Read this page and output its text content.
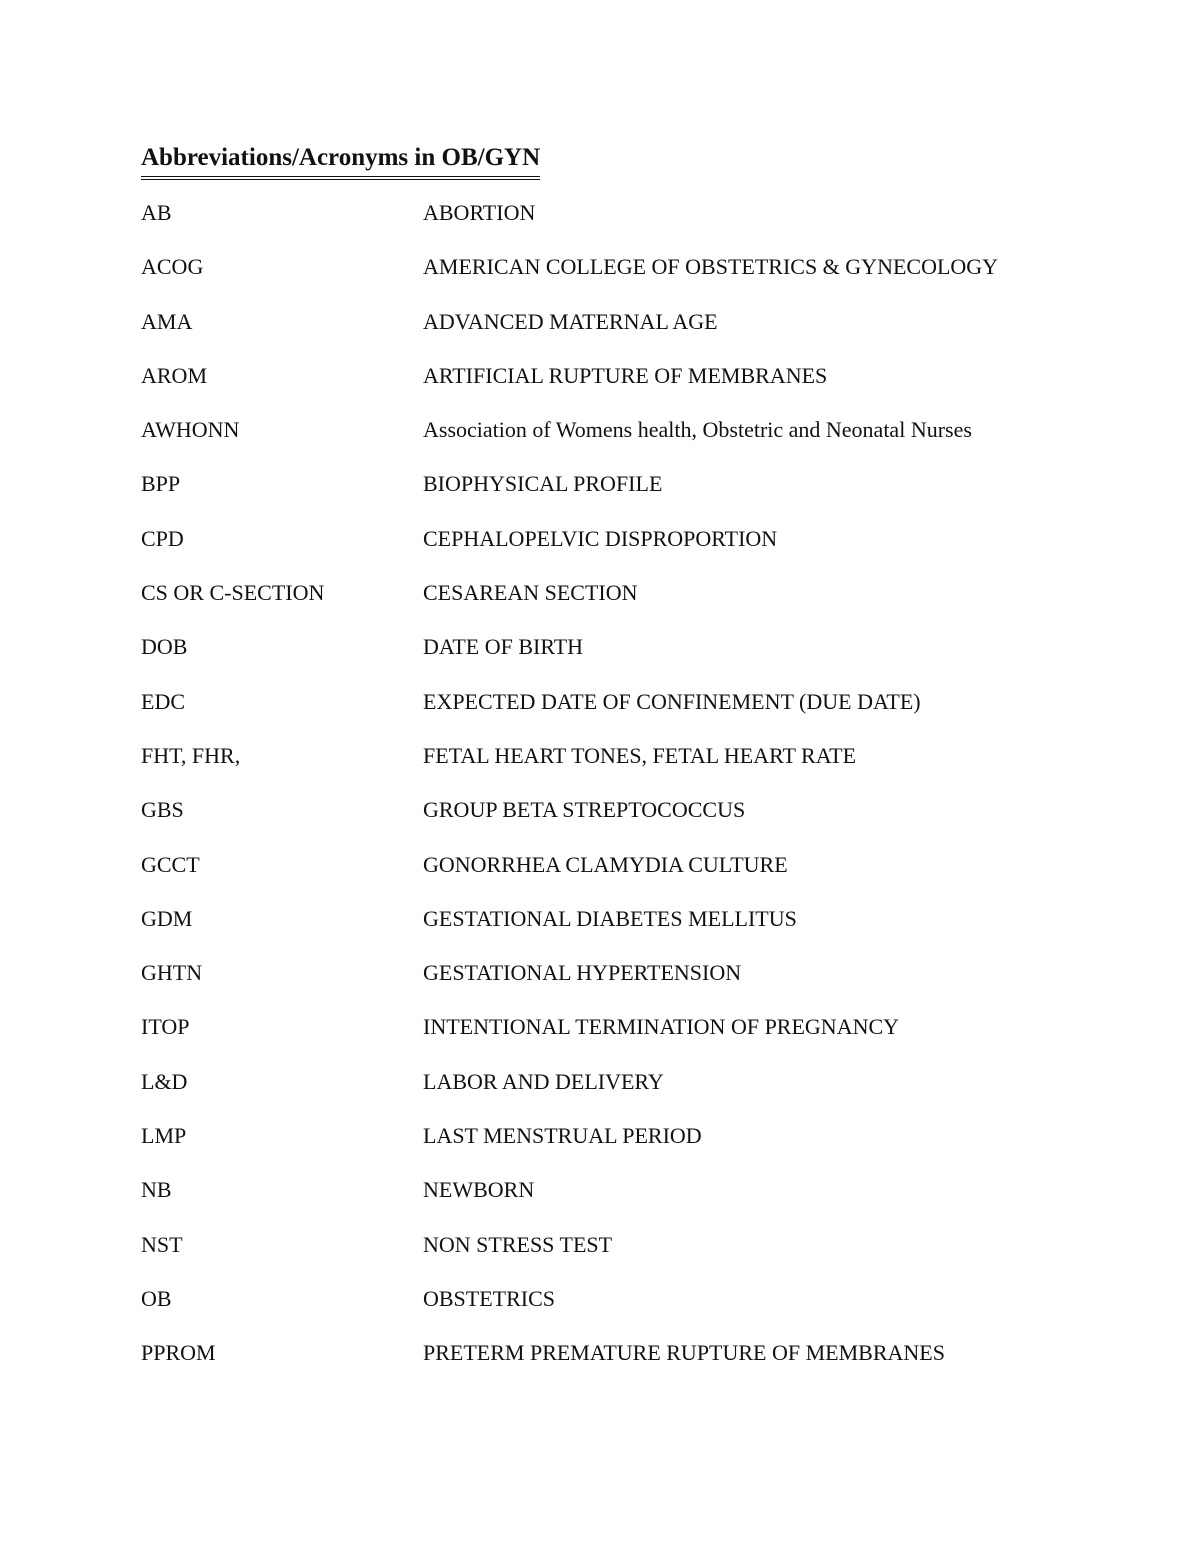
Abbreviations/Acronyms in OB/GYN
AB	ABORTION
ACOG	AMERICAN COLLEGE OF OBSTETRICS & GYNECOLOGY
AMA	ADVANCED MATERNAL AGE
AROM	ARTIFICIAL RUPTURE OF MEMBRANES
AWHONN	Association of Womens health, Obstetric and Neonatal Nurses
BPP	BIOPHYSICAL PROFILE
CPD	CEPHALOPELVIC DISPROPORTION
CS OR C-SECTION	CESAREAN SECTION
DOB	DATE OF BIRTH
EDC	EXPECTED DATE OF CONFINEMENT (DUE DATE)
FHT, FHR,	FETAL HEART TONES, FETAL HEART RATE
GBS	GROUP BETA STREPTOCOCCUS
GCCT	GONORRHEA CLAMYDIA CULTURE
GDM	GESTATIONAL DIABETES MELLITUS
GHTN	GESTATIONAL HYPERTENSION
ITOP	INTENTIONAL TERMINATION OF PREGNANCY
L&D	LABOR AND DELIVERY
LMP	LAST MENSTRUAL PERIOD
NB	NEWBORN
NST	NON STRESS TEST
OB	OBSTETRICS
PPROM	PRETERM PREMATURE RUPTURE OF MEMBRANES
